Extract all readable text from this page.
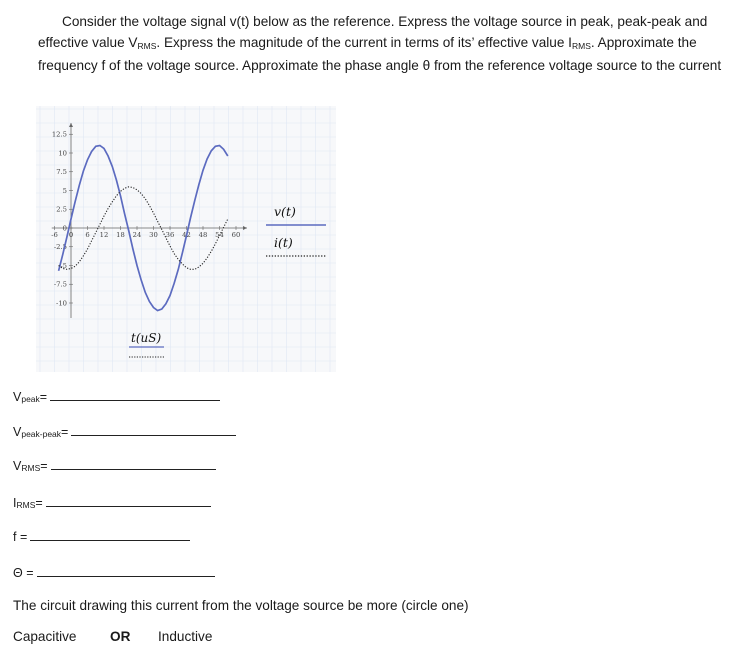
Consider the voltage signal v(t) below as the reference. Express the voltage source in peak, peak-peak and

effective value $V_{RMS}$. Express the magnitude of the current in terms of its’ effective value $I_{RMS}$. Approximate the

frequency f of the voltage source. Approximate the phase angle θ from the reference voltage source to the current

-6 0 6 12 18 24 30 36 42 48 54 60
12.5
10
7.5
5
2.5
0
-2.5
-5
-7.5
-10
v(t)
i(t)
t(uS)
V peak =
V peak-peak =
V RMS =
I RMS =
f =
Θ =
The circuit drawing this current from the voltage source be more (circle one)
Capacitive OR Inductive
